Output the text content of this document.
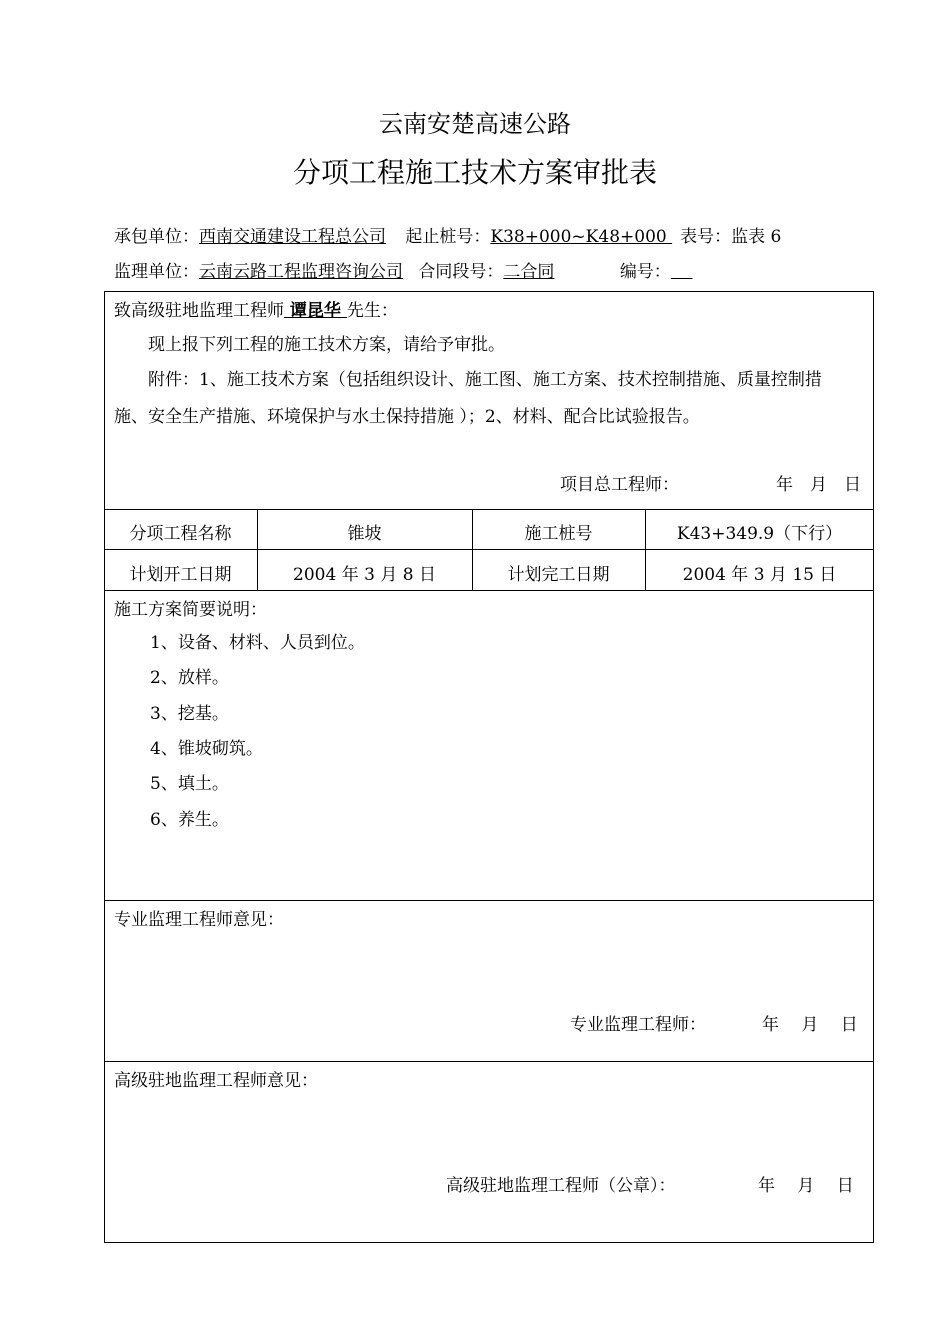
云南安楚高速公路
分项工程施工技术方案审批表
承包单位：西南交通建设工程总公司 起止桩号：K38+000~K48+000 表号：监表 6
监理单位：云南云路工程监理咨询公司 合同段号：二合同	编号：
致高级驻地监理工程师 谭昆华 先生：
现上报下列工程的施工技术方案，请给予审批。
附件：1、施工技术方案（包括组织设计、施工图、施工方案、技术控制措施、质量控制措
施、安全生产措施、环境保护与水土保持措施 ）；2、材料、配合比试验报告。
项目总工程师：	年　月　日
分项工程名称	锥坡	施工桩号	K43+349.9（下行）
计划开工日期	2004 年 3 月 8 日	计划完工日期	2004 年 3 月 15 日
施工方案简要说明：
1、设备、材料、人员到位。
2、放样。
3、挖基。
4、锥坡砌筑。
5、填土。
6、养生。
专业监理工程师意见：
专业监理工程师：	年　 月　 日
高级驻地监理工程师意见：
高级驻地监理工程师（公章）：	年　 月　 日
